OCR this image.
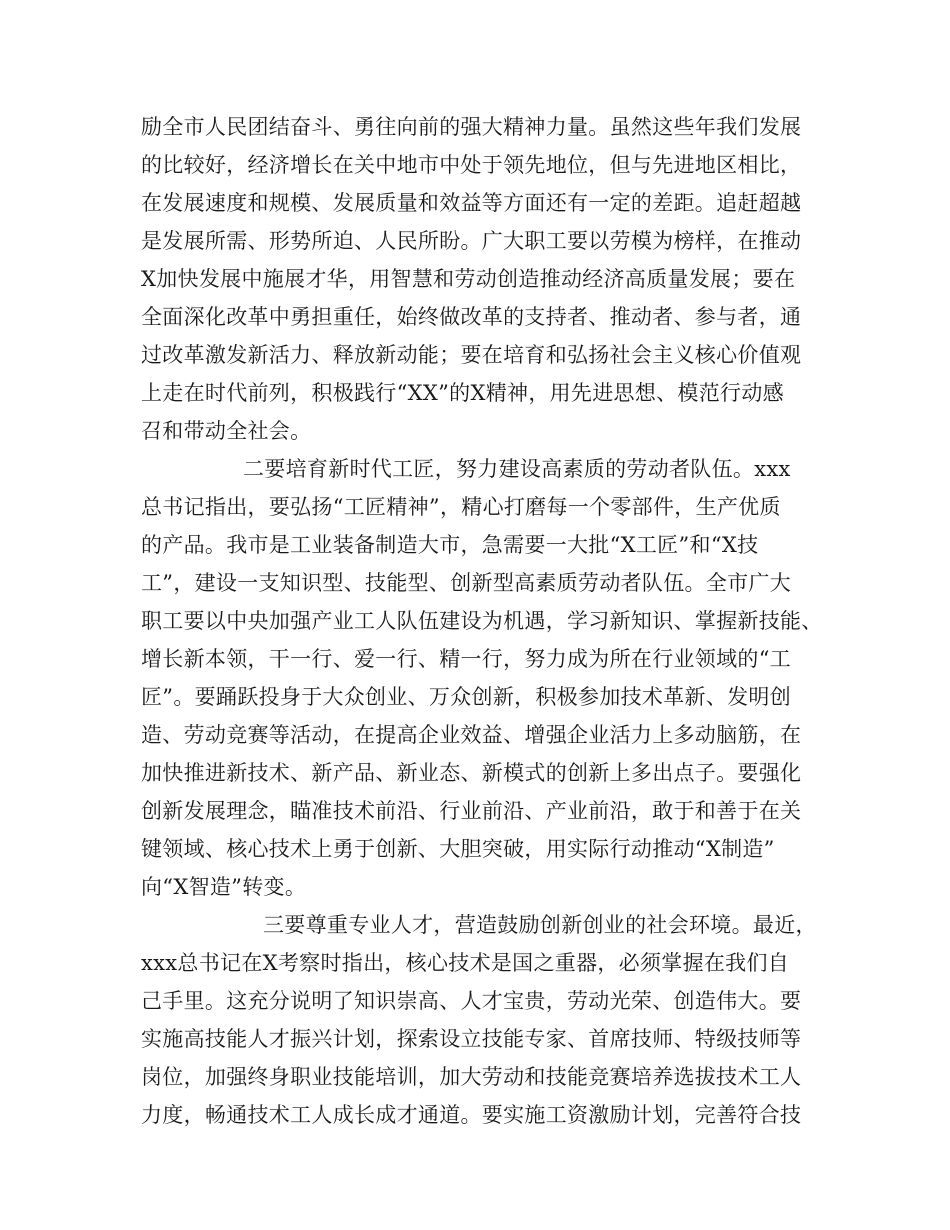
励全市人民团结奋斗、勇往向前的强大精神力量。虽然这些年我们发展
的比较好，经济增长在关中地市中处于领先地位，但与先进地区相比，
在发展速度和规模、发展质量和效益等方面还有一定的差距。追赶超越
是发展所需、形势所迫、人民所盼。广大职工要以劳模为榜样，在推动
X加快发展中施展才华，用智慧和劳动创造推动经济高质量发展；要在
全面深化改革中勇担重任，始终做改革的支持者、推动者、参与者，通
过改革激发新活力、释放新动能；要在培育和弘扬社会主义核心价值观
上走在时代前列，积极践行“XX”的X精神，用先进思想、模范行动感
召和带动全社会。
二要培育新时代工匠，努力建设高素质的劳动者队伍。xxx
总书记指出，要弘扬“工匠精神”，精心打磨每一个零部件，生产优质
的产品。我市是工业装备制造大市，急需要一大批“X工匠”和“X技
工”，建设一支知识型、技能型、创新型高素质劳动者队伍。全市广大
职工要以中央加强产业工人队伍建设为机遇，学习新知识、掌握新技能、
增长新本领，干一行、爱一行、精一行，努力成为所在行业领域的“工
匠”。要踊跃投身于大众创业、万众创新，积极参加技术革新、发明创
造、劳动竞赛等活动，在提高企业效益、增强企业活力上多动脑筋，在
加快推进新技术、新产品、新业态、新模式的创新上多出点子。要强化
创新发展理念，瞄准技术前沿、行业前沿、产业前沿，敢于和善于在关
键领域、核心技术上勇于创新、大胆突破，用实际行动推动“X制造”
向“X智造”转变。
三要尊重专业人才，营造鼓励创新创业的社会环境。最近，
xxx总书记在X考察时指出，核心技术是国之重器，必须掌握在我们自
己手里。这充分说明了知识崇高、人才宝贵，劳动光荣、创造伟大。要
实施高技能人才振兴计划，探索设立技能专家、首席技师、特级技师等
岗位，加强终身职业技能培训，加大劳动和技能竞赛培养选拔技术工人
力度，畅通技术工人成长成才通道。要实施工资激励计划，完善符合技
